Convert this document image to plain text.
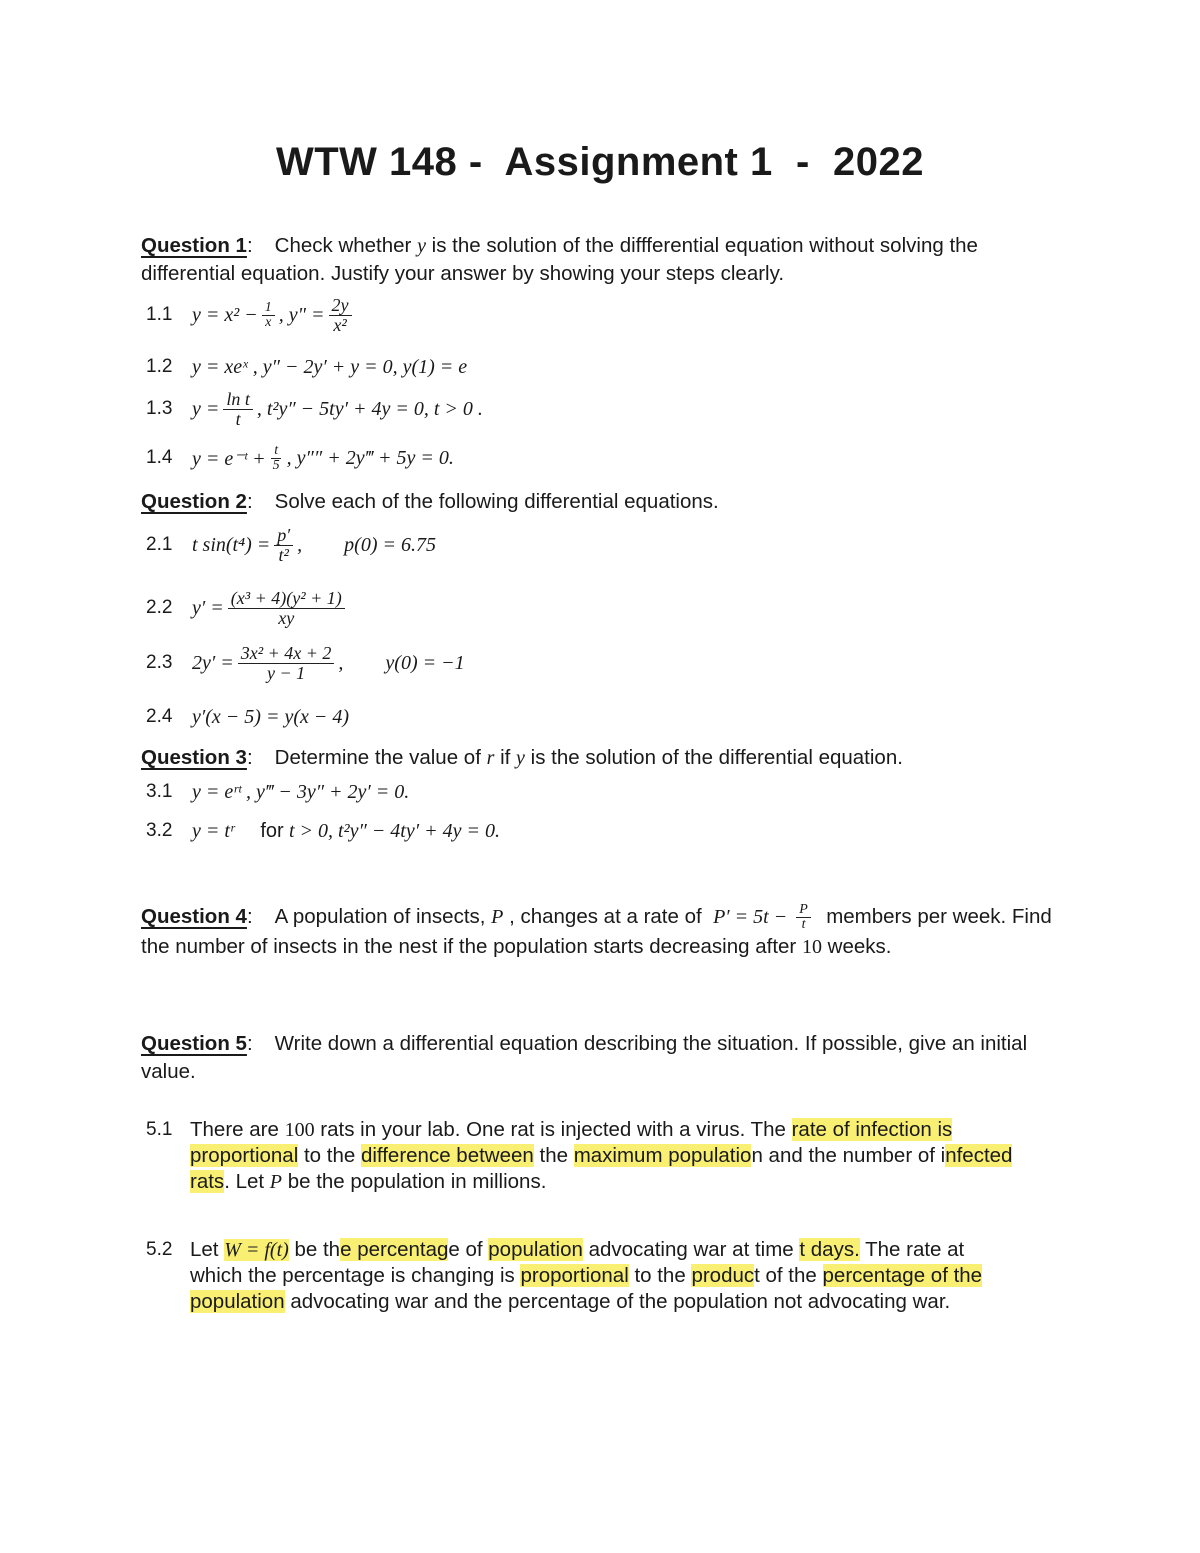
WTW 148 -  Assignment 1  -  2022
Question 1: Check whether y is the solution of the diffferential equation without solving the differential equation. Justify your answer by showing your steps clearly.
1.1 $y = x^2 - \frac{1}{x}$ , y" = $\frac{2y}{\text{x²}}$
1.2 y = xeˣ , y″ − 2y′ + y = 0, y(1) = e
1.3 $y = \frac{\text{ln t}}{t}$ , t²y″ − 5ty′ + 4y = 0, t > 0 .
1.4 y = e⁻ᵗ + $\frac{t}{5}$ , y″″ + 2y‴ + 5y = 0.
Question 2: Solve each of the following differential equations.
2.1 t $\sin(t^4) = \frac{p'}{\text{t²}}$ , p(0) = 6.75
2.2 $y' = \frac{\text{(x³ + 4)(y² + 1)}}{xy}$
2.3 $2y' = \frac{\text{3x² + 4x + 2}}{y - 1}$ , y(0) = −1
2.4 y′(x − 5) = y(x − 4)
Question 3: Determine the value of r if y is the solution of the differential equation.
3.1 y = eʳᵗ , y‴ − 3y″ + 2y′ = 0.
3.2 y = tʳ for
t > 0, t²y″ − 4ty′ + 4y = 0.
Question 4: A population of insects, P , changes at a rate of  $P' = 5t - \frac{P}{t}$ members per week. Find the number of insects in the nest if the population starts decreasing after 10 weeks.
Question 5: Write down a differential equation describing the situation. If possible, give an initial value.
5.1 There are 100 rats in your lab. One rat is injected with a virus. The rate of infection is proportional to the difference between the maximum population and the number of infected rats. Let P be the population in millions.
5.2 Let W = f(t) be the percentage of population advocating war at time t days. The rate at which the percentage is changing is proportional to the product of the percentage of the population advocating war and the percentage of the population not advocating war.
